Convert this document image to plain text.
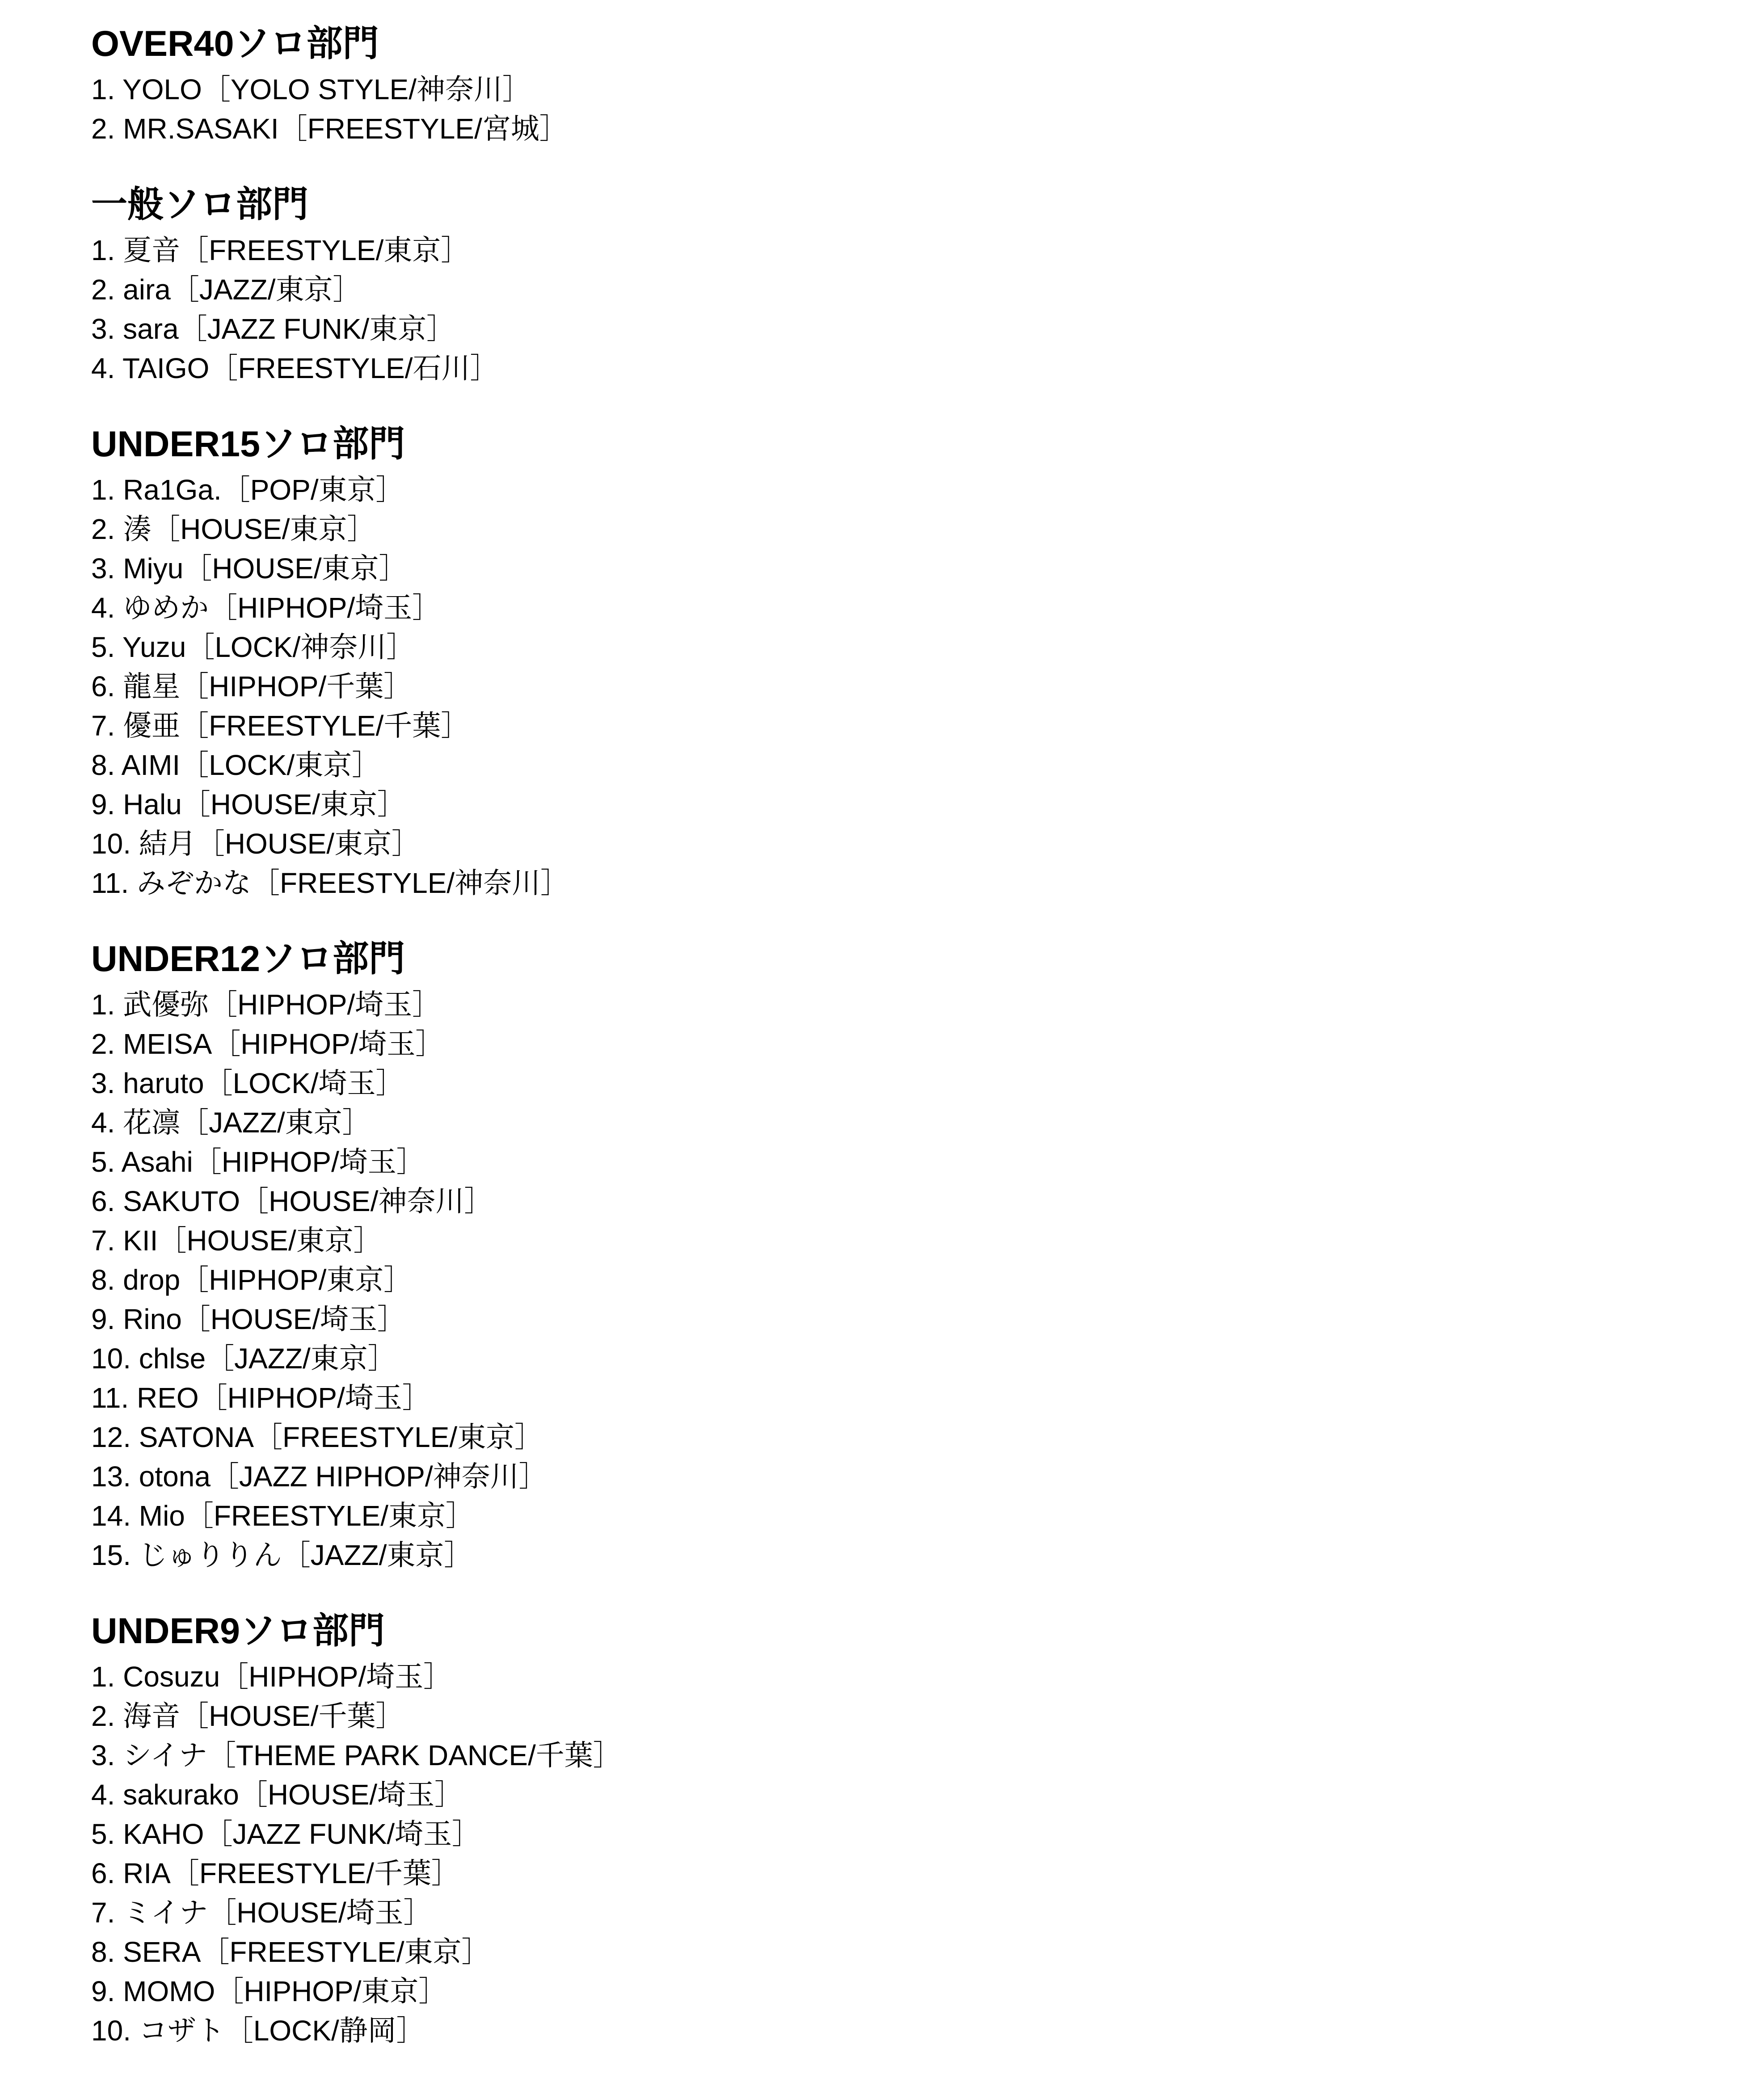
OVER40ソロ部門
1. YOLO［YOLO STYLE/神奈川］
2. MR.SASAKI［FREESTYLE/宮城］
一般ソロ部門
1. 夏音［FREESTYLE/東京］
2. aira［JAZZ/東京］
3. sara［JAZZ FUNK/東京］
4. TAIGO［FREESTYLE/石川］
UNDER15ソロ部門
1. Ra1Ga.［POP/東京］
2. 湊［HOUSE/東京］
3. Miyu［HOUSE/東京］
4. ゆめか［HIPHOP/埼玉］
5. Yuzu［LOCK/神奈川］
6. 龍星［HIPHOP/千葉］
7. 優亜［FREESTYLE/千葉］
8. AIMI［LOCK/東京］
9. Halu［HOUSE/東京］
10. 結月［HOUSE/東京］
11. みぞかな［FREESTYLE/神奈川］
UNDER12ソロ部門
1. 武優弥［HIPHOP/埼玉］
2. MEISA［HIPHOP/埼玉］
3. haruto［LOCK/埼玉］
4. 花凛［JAZZ/東京］
5. Asahi［HIPHOP/埼玉］
6. SAKUTO［HOUSE/神奈川］
7. KII［HOUSE/東京］
8. drop［HIPHOP/東京］
9. Rino［HOUSE/埼玉］
10. chlse［JAZZ/東京］
11. REO［HIPHOP/埼玉］
12. SATONA［FREESTYLE/東京］
13. otona［JAZZ HIPHOP/神奈川］
14. Mio［FREESTYLE/東京］
15. じゅりりん［JAZZ/東京］
UNDER9ソロ部門
1. Cosuzu［HIPHOP/埼玉］
2. 海音［HOUSE/千葉］
3. シイナ［THEME PARK DANCE/千葉］
4. sakurako［HOUSE/埼玉］
5. KAHO［JAZZ FUNK/埼玉］
6. RIA［FREESTYLE/千葉］
7. ミイナ［HOUSE/埼玉］
8. SERA［FREESTYLE/東京］
9. MOMO［HIPHOP/東京］
10. コザト［LOCK/静岡］
